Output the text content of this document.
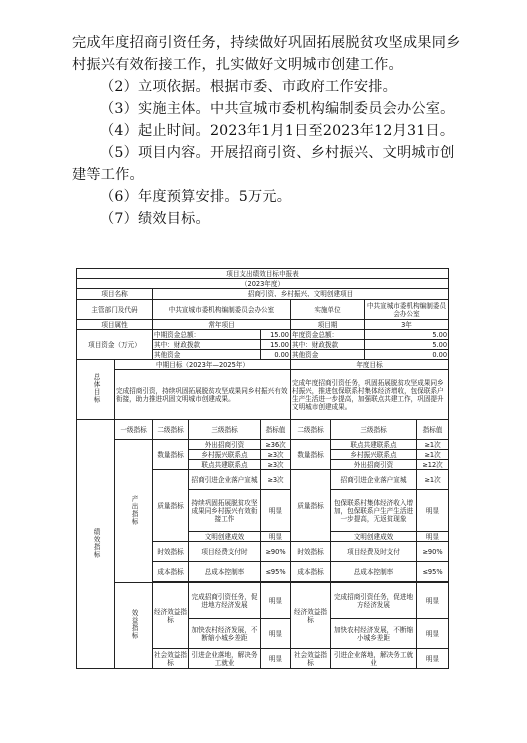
完成年度招商引资任务，持续做好巩固拓展脱贫攻坚成果同乡村振兴有效衔接工作，扎实做好文明城市创建工作。

（2）立项依据。根据市委、市政府工作安排。

（3）实施主体。中共宣城市委机构编制委员会办公室。

（4）起止时间。2023年1月1日至2023年12月31日。

（5）项目内容。开展招商引资、乡村振兴、文明城市创建等工作。

（6）年度预算安排。5万元。

（7）绩效目标。

项目支出绩效目标申报表								
（2023年度）								
项目名称		招商引资、乡村振兴、文明创建项目						
主管部门及代码		中共宣城市委机构编制委员会办公室			实施单位		中共宣城市委机构编制委员会办公室	
项目属性		常年项目			项目期		3年	
项目资金（万元）		中期资金总额：		15.00	年度资金总额：		5.00	
		其中：财政拨款		15.00	其中：财政拨款		5.00	
		其他资金		0.00	其他资金		0.00	
总体目标	中期目标（2023年—2025年）				年度目标			
	完成招商引资，持续巩固拓展脱贫攻坚成果同乡村振兴有效衔接，助力推进巩固文明城市创建成果。				完成年度招商引资任务，巩固拓展脱贫攻坚成果同乡村振兴，推进包保联系村集体经济增收，包保联系户生产生活进一步提高，加强联点共建工作，巩固提升文明城市创建成果。			
绩效指标	一级指标	二级指标	三级指标	指标值	二级指标	三级指标		指标值
	产出指标	数量指标	外出招商引资	≥36次	数量指标	联点共建联系点		≥1次
			乡村振兴联系点	≥3次		乡村振兴联系点		≥1次
			联点共建联系点	≥3次		外出招商引资		≥12次
		质量指标	招商引进企业落户宣城	≥3次	质量指标	招商引进企业落户宣城		≥1次
			持续巩固拓展脱贫攻坚成果同乡村振兴有效衔接工作	明显		包保联系村集体经济收入增加，包保联系户生产生活进一步提高，无返贫现象		明显
			文明创建成效	明显		文明创建成效		明显
		时效指标	项目经费支付时	≥90%	时效指标	项目经费及时支付		≥90%
		成本指标	总成本控制率	≤95%	成本指标	总成本控制率		≤95%

	效益指标	经济效益指标	完成招商引资任务，促进地方经济发展	明显	经济效益指标	完成招商引资任务，促进地方经济发展		明显
			加快农村经济发展，不断缩小城乡差距	明显		加快农村经济发展，不断缩小城乡差距		明显
		社会效益指标	引进企业落地，解决务工就业	明显	社会效益指标	引进企业落地，解决务工就业		明显
